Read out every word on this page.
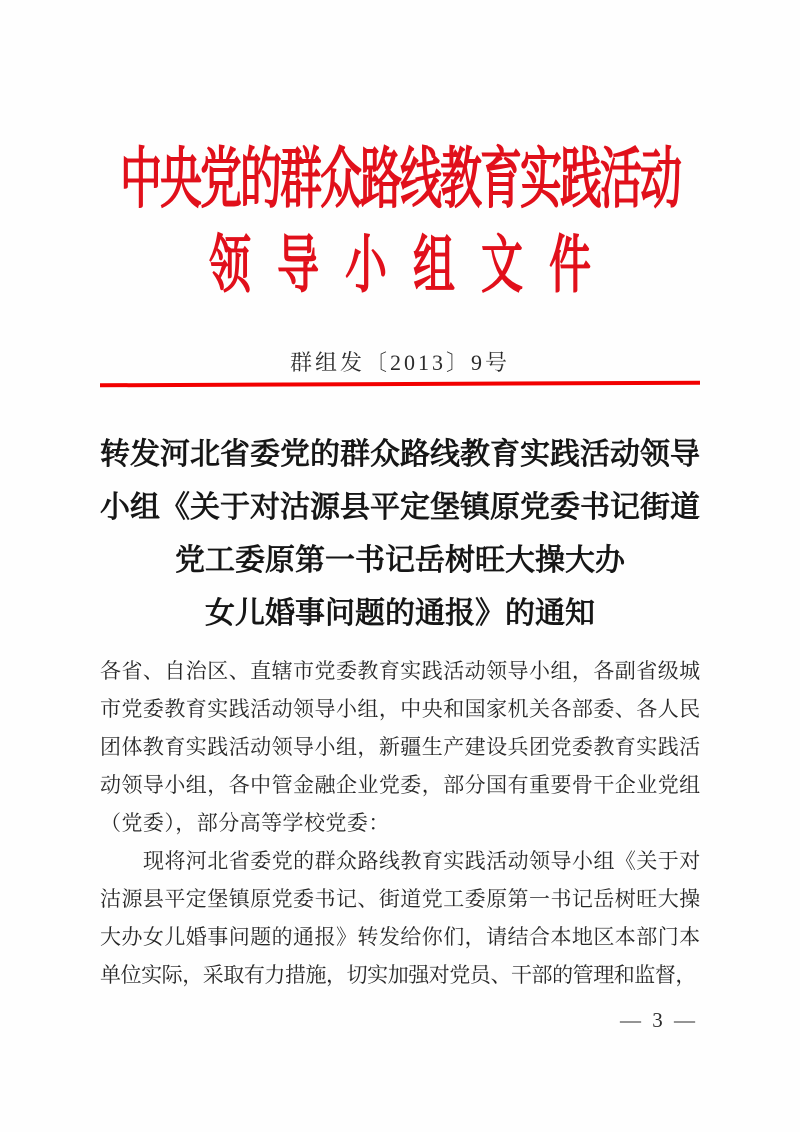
中央党的群众路线教育实践活动
领导小组文件
群组发〔2013〕9号
转发河北省委党的群众路线教育实践活动领导
小组《关于对沽源县平定堡镇原党委书记街道
党工委原第一书记岳树旺大操大办
女儿婚事问题的通报》的通知
各省、自治区、直辖市党委教育实践活动领导小组，各副省级城
市党委教育实践活动领导小组，中央和国家机关各部委、各人民
团体教育实践活动领导小组，新疆生产建设兵团党委教育实践活
动领导小组，各中管金融企业党委，部分国有重要骨干企业党组
（党委），部分高等学校党委：
现将河北省委党的群众路线教育实践活动领导小组《关于对
沽源县平定堡镇原党委书记、街道党工委原第一书记岳树旺大操
大办女儿婚事问题的通报》转发给你们，请结合本地区本部门本
单位实际，采取有力措施，切实加强对党员、干部的管理和监督，
— 3 —
